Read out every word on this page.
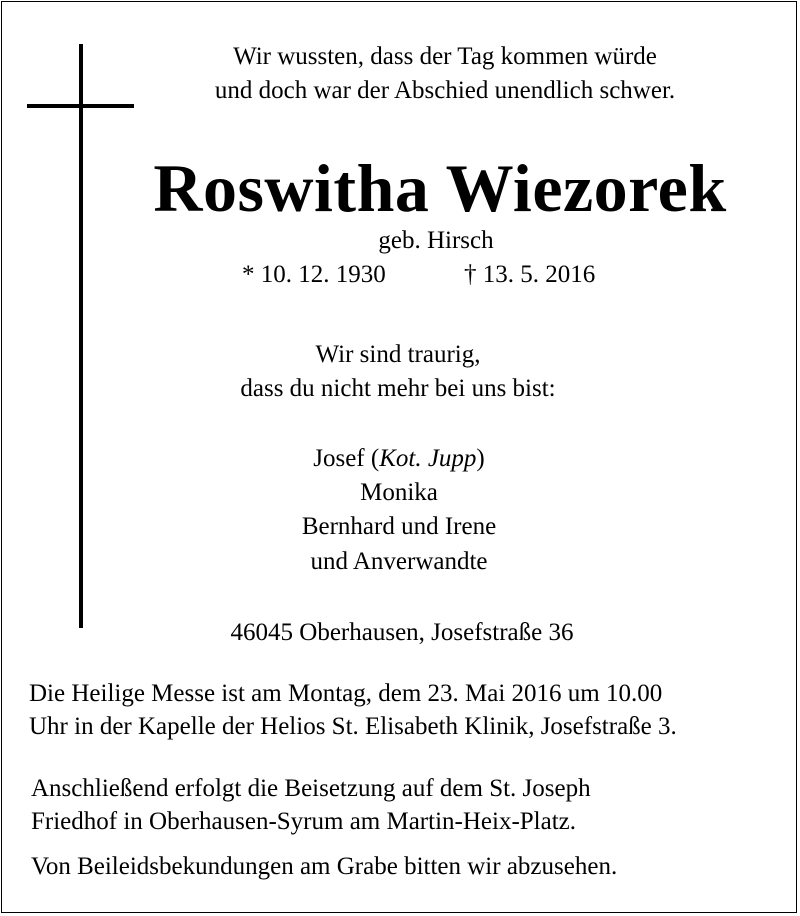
Wir wussten, dass der Tag kommen würde
und doch war der Abschied unendlich schwer.
Roswitha Wiezorek
geb. Hirsch
* 10. 12. 1930	† 13. 5. 2016
Wir sind traurig,
dass du nicht mehr bei uns bist:
Josef (Kot. Jupp)
Monika
Bernhard und Irene
und Anverwandte
46045 Oberhausen, Josefstraße 36
Die Heilige Messe ist am Montag, dem 23. Mai 2016 um 10.00
Uhr in der Kapelle der Helios St. Elisabeth Klinik, Josefstraße 3.
Anschließend erfolgt die Beisetzung auf dem St. Joseph
Friedhof in Oberhausen-Syrum am Martin-Heix-Platz.
Von Beileidsbekundungen am Grabe bitten wir abzusehen.
